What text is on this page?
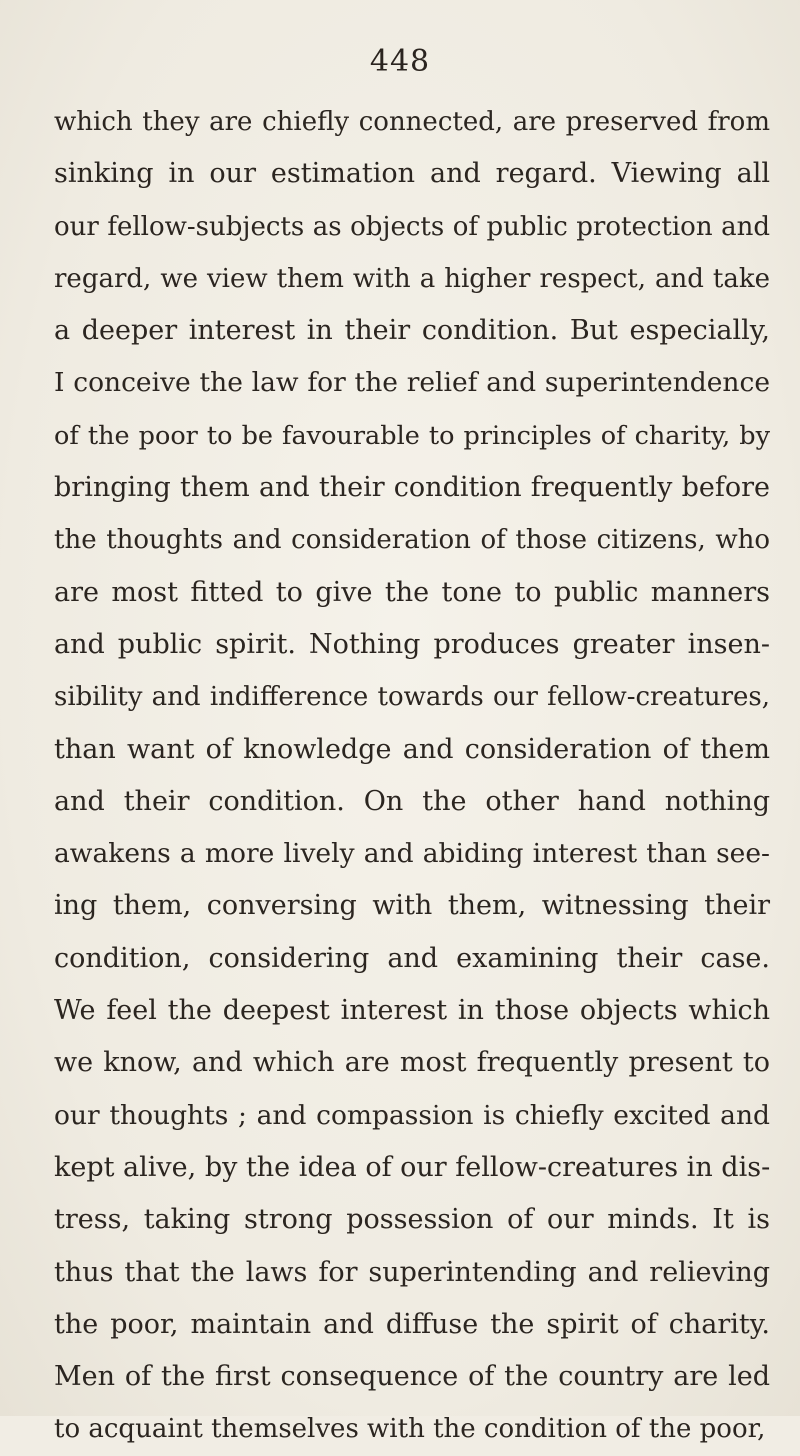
448
which they are chiefly connected, are preserved from
sinking in our estimation and regard. Viewing all
our fellow-subjects as objects of public protection and
regard, we view them with a higher respect, and take
a deeper interest in their condition. But especially,
I conceive the law for the relief and superintendence
of the poor to be favourable to principles of charity, by
bringing them and their condition frequently before
the thoughts and consideration of those citizens, who
are most fitted to give the tone to public manners
and public spirit. Nothing produces greater insen-
sibility and indifference towards our fellow-creatures,
than want of knowledge and consideration of them
and their condition. On the other hand nothing
awakens a more lively and abiding interest than see-
ing them, conversing with them, witnessing their
condition, considering and examining their case.
We feel the deepest interest in those objects which
we know, and which are most frequently present to
our thoughts ; and compassion is chiefly excited and
kept alive, by the idea of our fellow-creatures in dis-
tress, taking strong possession of our minds. It is
thus that the laws for superintending and relieving
the poor, maintain and diffuse the spirit of charity.
Men of the first consequence of the country are led
to acquaint themselves with the condition of the poor,
